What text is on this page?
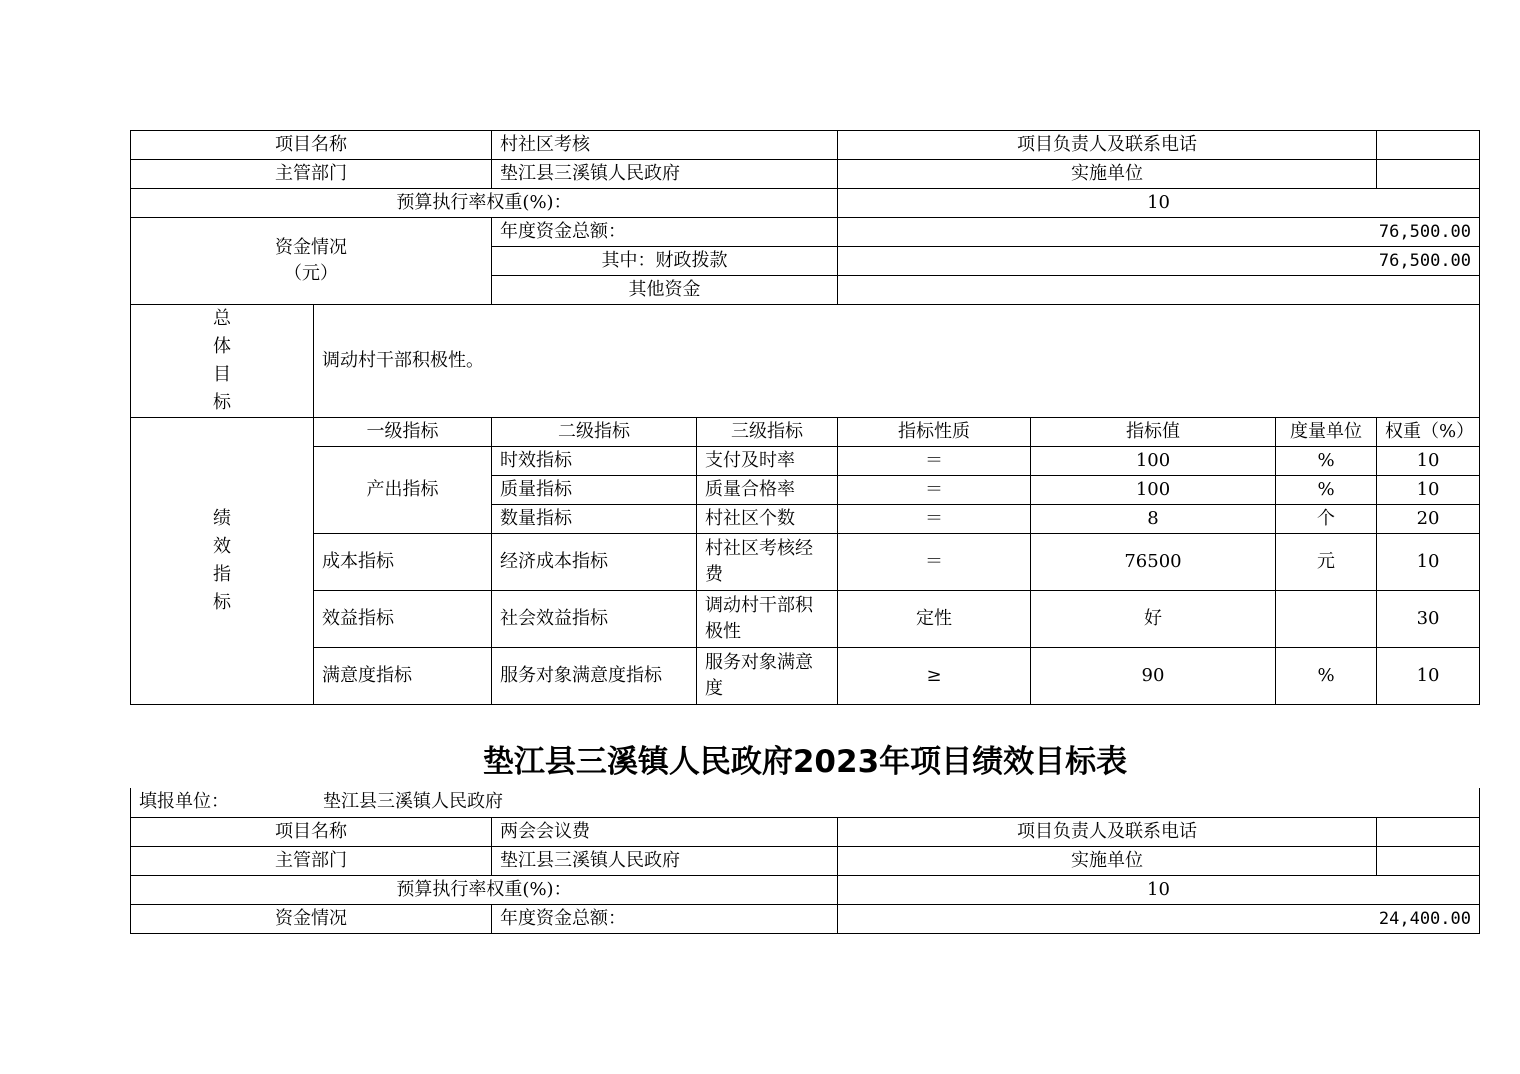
项目名称		村社区考核		项目负责人及联系电话			
主管部门		垫江县三溪镇人民政府		实施单位			
预算执行率权重(%)：				10			

资金情况
（元）		年度资金总额：		76,500.00			
		其中：财政拨款		76,500.00			
		其他资金					

总
体
目
标	调动村干部积极性。						

绩
效
指
标	一级指标	二级指标	三级指标	指标性质	指标值	度量单位	权重（%）
	产出指标	时效指标	支付及时率	＝	100	%	10
		质量指标	质量合格率	＝	100	%	10
		数量指标	村社区个数	＝	8	个	20
	成本指标	经济成本指标	村社区考核经费	＝	76500	元	10
	效益指标	社会效益指标	调动村干部积极性	定性	好		30
	满意度指标	服务对象满意度指标	服务对象满意度	≥	90	%	10
垫江县三溪镇人民政府2023年项目绩效目标表
填报单位： 垫江县三溪镇人民政府			
项目名称	两会会议费	项目负责人及联系电话	
主管部门	垫江县三溪镇人民政府	实施单位	
预算执行率权重(%)：		10	
资金情况	年度资金总额：	24,400.00	
